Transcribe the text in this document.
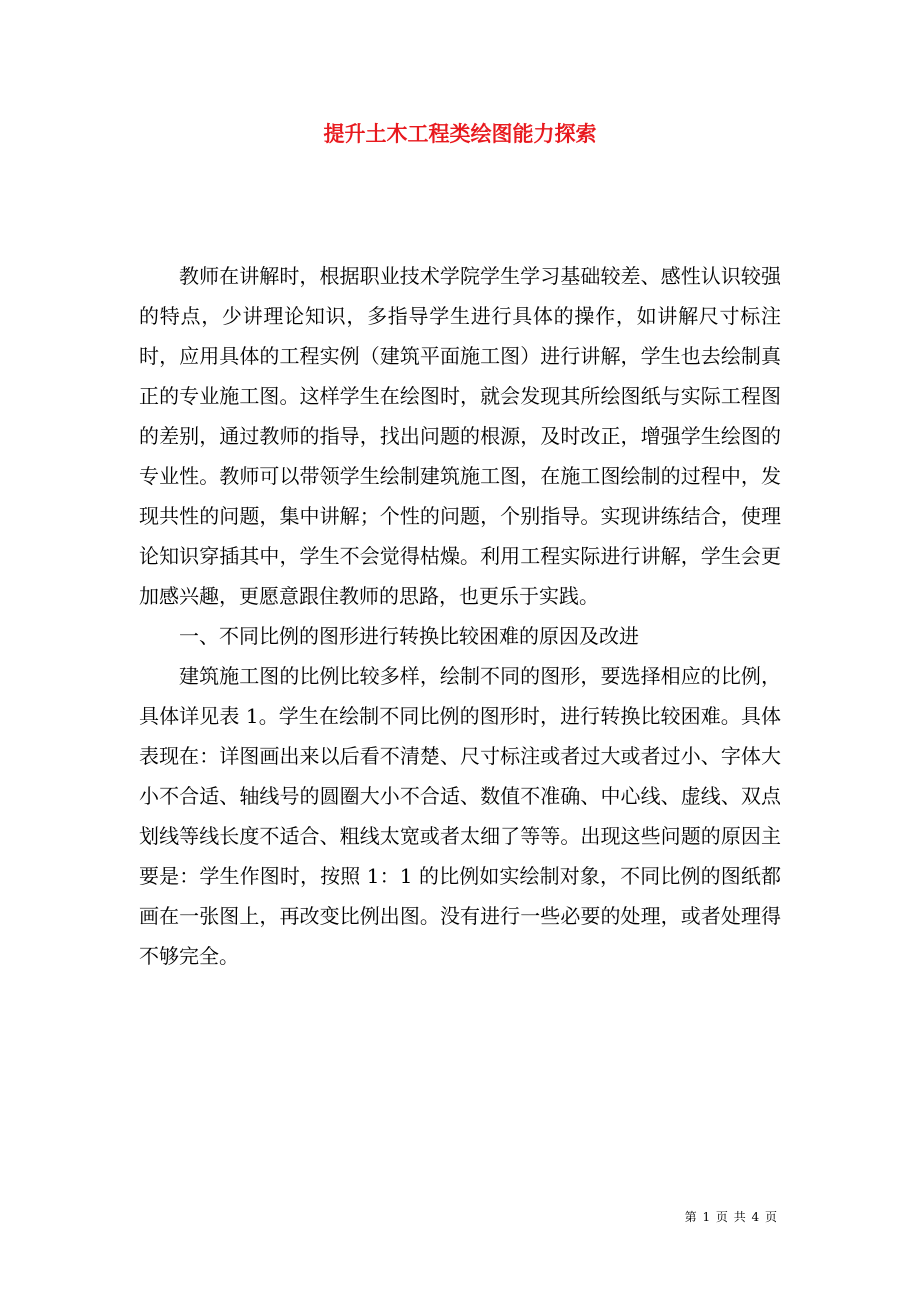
提升土木工程类绘图能力探索

教师在讲解时，根据职业技术学院学生学习基础较差、感性认识较强的特点，少讲理论知识，多指导学生进行具体的操作，如讲解尺寸标注时，应用具体的工程实例（建筑平面施工图）进行讲解，学生也去绘制真正的专业施工图。这样学生在绘图时，就会发现其所绘图纸与实际工程图的差别，通过教师的指导，找出问题的根源，及时改正，增强学生绘图的专业性。教师可以带领学生绘制建筑施工图，在施工图绘制的过程中，发现共性的问题，集中讲解；个性的问题，个别指导。实现讲练结合，使理论知识穿插其中，学生不会觉得枯燥。利用工程实际进行讲解，学生会更加感兴趣，更愿意跟住教师的思路，也更乐于实践。

一、不同比例的图形进行转换比较困难的原因及改进

建筑施工图的比例比较多样，绘制不同的图形，要选择相应的比例，具体详见表 1。学生在绘制不同比例的图形时，进行转换比较困难。具体表现在：详图画出来以后看不清楚、尺寸标注或者过大或者过小、字体大小不合适、轴线号的圆圈大小不合适、数值不准确、中心线、虚线、双点划线等线长度不适合、粗线太宽或者太细了等等。出现这些问题的原因主要是：学生作图时，按照 1：1 的比例如实绘制对象，不同比例的图纸都画在一张图上，再改变比例出图。没有进行一些必要的处理，或者处理得不够完全。

第 1 页 共 4 页
